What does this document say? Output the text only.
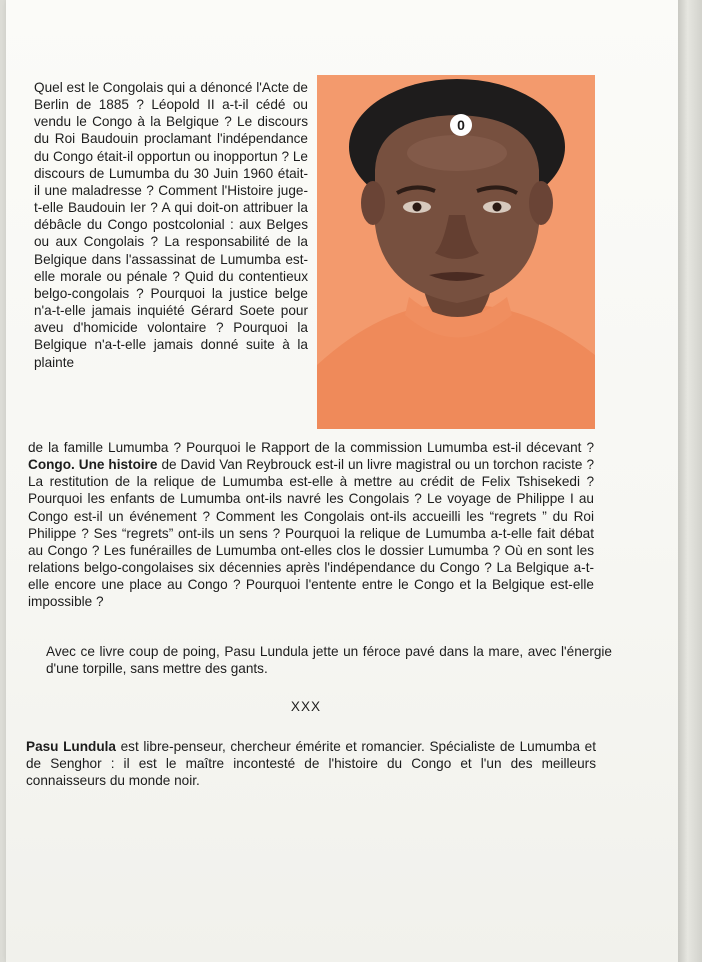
Quel est le Congolais qui a dénoncé l'Acte de Berlin de 1885 ? Léopold II a-t-il cédé ou vendu le Congo à la Belgique ? Le discours du Roi Baudouin proclamant l'indépendance du Congo était-il opportun ou inopportun ? Le discours de Lumumba du 30 Juin 1960 était-il une maladresse ? Comment l'Histoire juge-t-elle Baudouin Ier ? A qui doit-on attribuer la débâcle du Congo postcolonial : aux Belges ou aux Congolais ? La responsabilité de la Belgique dans l'assassinat de Lumumba est-elle morale ou pénale ? Quid du contentieux belgo-congolais ? Pourquoi la justice belge n'a-t-elle jamais inquiété Gérard Soete pour aveu d'homicide volontaire ? Pourquoi la Belgique n'a-t-elle jamais donné suite à la plainte

0

de la famille Lumumba ? Pourquoi le Rapport de la commission Lumumba est-il décevant ? Congo. Une histoire de David Van Reybrouck est-il un livre magistral ou un torchon raciste ? La restitution de la relique de Lumumba est-elle à mettre au crédit de Felix Tshisekedi ? Pourquoi les enfants de Lumumba ont-ils navré les Congolais ? Le voyage de Philippe I au Congo est-il un événement ? Comment les Congolais ont-ils accueilli les “regrets ” du Roi Philippe ? Ses “regrets” ont-ils un sens ? Pourquoi la relique de Lumumba a-t-elle fait débat au Congo ? Les funérailles de Lumumba ont-elles clos le dossier Lumumba ? Où en sont les relations belgo-congolaises six décennies après l'indépendance du Congo ? La Belgique a-t-elle encore une place au Congo ? Pourquoi l'entente entre le Congo et la Belgique est-elle impossible ?

Avec ce livre coup de poing, Pasu Lundula jette un féroce pavé dans la mare, avec l'énergie d'une torpille, sans mettre des gants.

XXX

Pasu Lundula est libre-penseur, chercheur émérite et romancier. Spécialiste de Lumumba et de Senghor : il est le maître incontesté de l'histoire du Congo et l'un des meilleurs connaisseurs du monde noir.
